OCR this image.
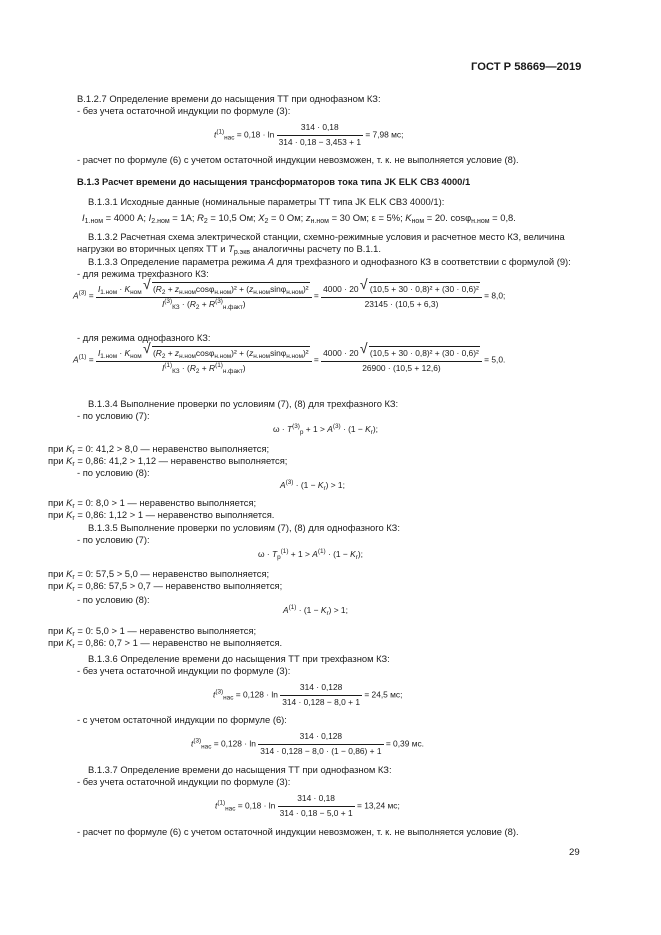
ГОСТ Р 58669—2019
В.1.2.7 Определение времени до насыщения ТТ при однофазном КЗ:
- без учета остаточной индукции по формуле (3):
$t^{(1)}_{нас} = 0,18 \cdot \ln \frac{314 \cdot 0,18}{314 \cdot 0,18 - 3,453 + 1} = 7,98$ мс;
- расчет по формуле (6) с учетом остаточной индукции невозможен, т. к. не выполняется условие (8).
В.1.3 Расчет времени до насыщения трансформаторов тока типа JK ELK CB3 4000/1
В.1.3.1 Исходные данные (номинальные параметры ТТ типа JK ELK CB3 4000/1):
$I_{1.ном} = 4000$ А; $I_{2.ном} = 1А$; $R_2 = 10,5$ Ом; $X_2 = 0$ Ом; $z_{н.ном} = 30$ Ом; ε = 5%; $K_{ном} = 20$. cosφ$_{н.ном}$ = 0,8.
В.1.3.2 Расчетная схема электрической станции, схемно-режимные условия и расчетное место КЗ, величина
нагрузки во вторичных цепях ТТ и $T_{р.экв}$ аналогичны расчету по В.1.1.
В.1.3.3 Определение параметра режима A для трехфазного и однофазного КЗ в соответствии с формулой (9):
- для режима трехфазного КЗ:
$A^{(3)} = \frac{I_{1.ном} \cdot K_{ном} √ (R_2 + z_{н.ном}\cos\varphi_{н.ном})^2 + (z_{н.ном}\sin\varphi_{н.ном})^2}{I^{(3)}_{КЗ} \cdot (R_2 + R^{(3)}_{н.факт})} = \frac{\text{4000 · 20 √ (10,5 + 30 · 0,8)² + (30 · 0,6)²}}{23145 \cdot (10,5 + 6,3)} = 8,0$;
- для режима однофазного КЗ:
$A^{(1)} = \frac{I_{1.ном} \cdot K_{ном} √ (R_2 + z_{н.ном}\cos\varphi_{н.ном})^2 + (z_{н.ном}\sin\varphi_{н.ном})^2}{I^{(1)}_{КЗ} \cdot (R_2 + R^{(1)}_{н.факт})} = \frac{\text{4000 · 20 √ (10,5 + 30 · 0,8)² + (30 · 0,6)²}}{26900 \cdot (10,5 + 12,6)} = 5,0$.
В.1.3.4 Выполнение проверки по условиям (7), (8) для трехфазного КЗ:
- по условию (7):
$\omega \cdot T^{(3)}_р + 1 > A^{(3)} \cdot (1 - K_r)$;
при $K_r = 0$: 41,2 > 8,0 — неравенство выполняется;
при $K_r = 0,86$: 41,2 > 1,12 — неравенство выполняется;
- по условию (8):
$A^{(3)} \cdot (1 - K_r) > 1$;
при $K_r = 0$: 8,0 > 1 — неравенство выполняется;
при $K_r = 0,86$: 1,12 > 1 — неравенство выполняется.
В.1.3.5 Выполнение проверки по условиям (7), (8) для однофазного КЗ:
- по условию (7):
$\omega \cdot T_р^{(1)} + 1 > A^{(1)} \cdot (1 - K_r)$;
при $K_r = 0$: 57,5 > 5,0 — неравенство выполняется;
при $K_r = 0,86$: 57,5 > 0,7 — неравенство выполняется;
- по условию (8):
$A^{(1)} \cdot (1 - K_r) > 1$;
при $K_r = 0$: 5,0 > 1 — неравенство выполняется;
при $K_r = 0,86$: 0,7 > 1 — неравенство не выполняется.
В.1.3.6 Определение времени до насыщения ТТ при трехфазном КЗ:
- без учета остаточной индукции по формуле (3):
$t^{(3)}_{нас} = 0,128 \cdot \ln \frac{314 \cdot 0,128}{314 \cdot 0,128 - 8,0 + 1} = 24,5$ мс;
- с учетом остаточной индукции по формуле (6):
$t^{(3)}_{нас} = 0,128 \cdot \ln \frac{314 \cdot 0,128}{314 \cdot 0,128 - 8,0 \cdot (1 - 0,86) + 1} = 0,39$ мс.
В.1.3.7 Определение времени до насыщения ТТ при однофазном КЗ:
- без учета остаточной индукции по формуле (3):
$t^{(1)}_{нас} = 0,18 \cdot \ln \frac{314 \cdot 0,18}{314 \cdot 0,18 - 5,0 + 1} = 13,24$ мс;
- расчет по формуле (6) с учетом остаточной индукции невозможен, т. к. не выполняется условие (8).
29
